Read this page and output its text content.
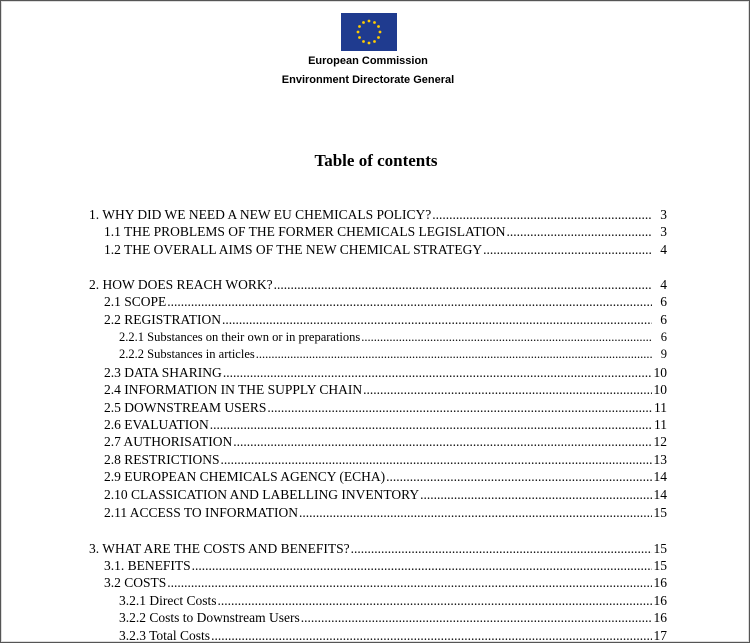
European Commission
Environment Directorate General
Table of contents
1. WHY DID WE NEED A NEW EU CHEMICALS POLICY? .....	3
1.1 THE PROBLEMS OF THE FORMER CHEMICALS LEGISLATION .....	3
1.2 THE OVERALL AIMS OF THE NEW CHEMICAL STRATEGY .....	4
2. HOW DOES REACH WORK? .....	4
2.1 SCOPE .....	6
2.2 REGISTRATION .....	6
2.2.1 Substances on their own or in preparations .....	6
2.2.2 Substances in articles .....	9
2.3 DATA SHARING .....	10
2.4 INFORMATION IN THE SUPPLY CHAIN .....	10
2.5 DOWNSTREAM USERS .....	11
2.6 EVALUATION .....	11
2.7 AUTHORISATION .....	12
2.8 RESTRICTIONS .....	13
2.9 EUROPEAN CHEMICALS AGENCY (ECHA) .....	14
2.10 CLASSICATION AND LABELLING INVENTORY .....	14
2.11 ACCESS TO INFORMATION .....	15
3. WHAT ARE THE COSTS AND BENEFITS? .....	15
3.1. BENEFITS .....	15
3.2 COSTS .....	16
3.2.1 Direct Costs .....	16
3.2.2 Costs to Downstream Users .....	16
3.2.3 Total Costs .....	17
